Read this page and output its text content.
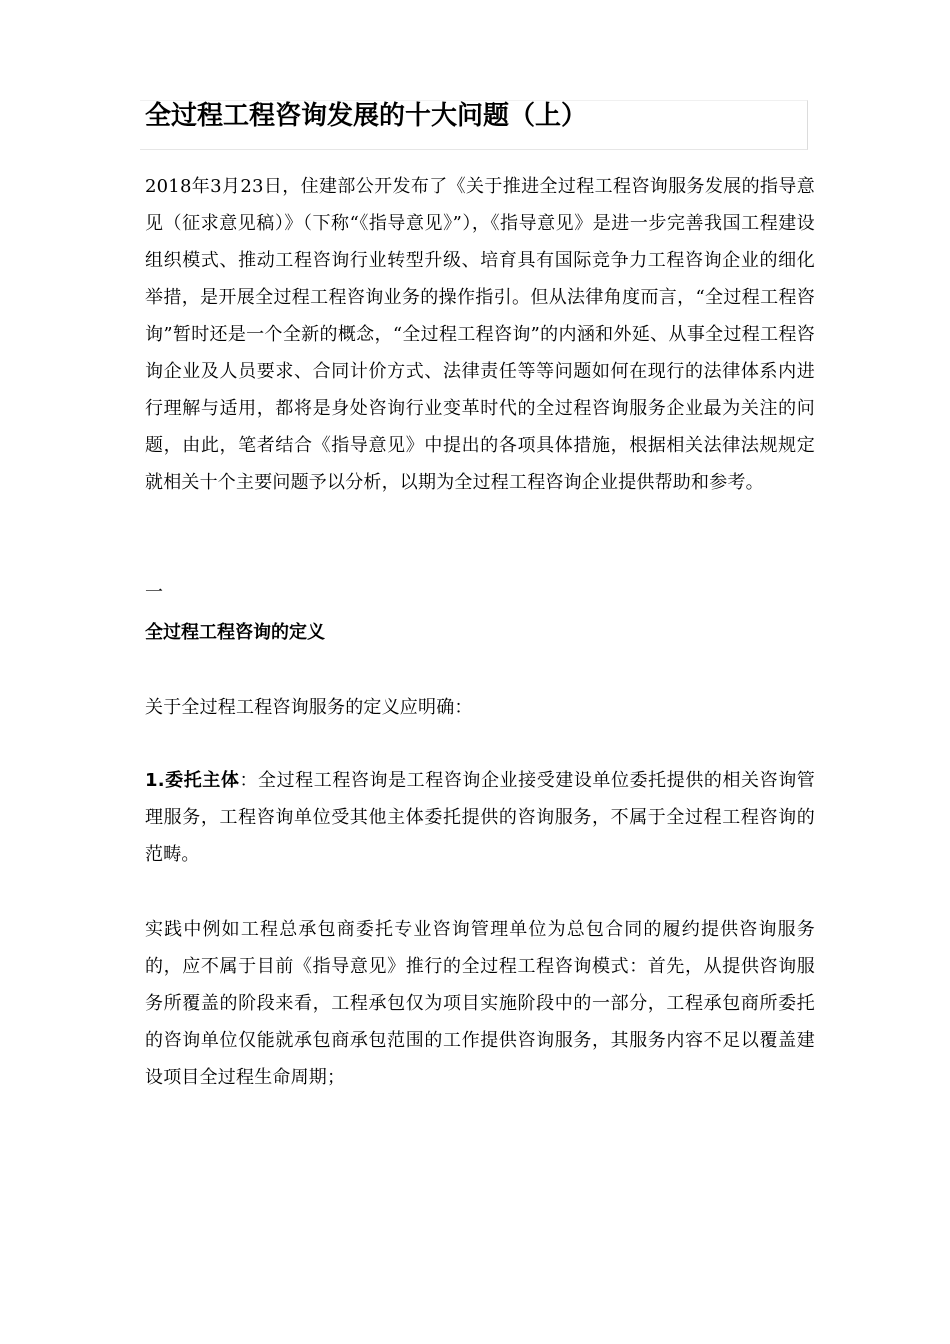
全过程工程咨询发展的十大问题（上）

2018年3月23日，住建部公开发布了《关于推进全过程工程咨询服务发展的指导意见（征求意见稿）》（下称“《指导意见》”），《指导意见》是进一步完善我国工程建设组织模式、推动工程咨询行业转型升级、培育具有国际竞争力工程咨询企业的细化举措，是开展全过程工程咨询业务的操作指引。但从法律角度而言，“全过程工程咨询”暂时还是一个全新的概念，“全过程工程咨询”的内涵和外延、从事全过程工程咨询企业及人员要求、合同计价方式、法律责任等等问题如何在现行的法律体系内进行理解与适用，都将是身处咨询行业变革时代的全过程咨询服务企业最为关注的问题，由此，笔者结合《指导意见》中提出的各项具体措施，根据相关法律法规规定就相关十个主要问题予以分析，以期为全过程工程咨询企业提供帮助和参考。

一

全过程工程咨询的定义

关于全过程工程咨询服务的定义应明确：

1.委托主体：全过程工程咨询是工程咨询企业接受建设单位委托提供的相关咨询管理服务，工程咨询单位受其他主体委托提供的咨询服务，不属于全过程工程咨询的范畴。

实践中例如工程总承包商委托专业咨询管理单位为总包合同的履约提供咨询服务的，应不属于目前《指导意见》推行的全过程工程咨询模式：首先，从提供咨询服务所覆盖的阶段来看，工程承包仅为项目实施阶段中的一部分，工程承包商所委托的咨询单位仅能就承包商承包范围的工作提供咨询服务，其服务内容不足以覆盖建设项目全过程生命周期；
